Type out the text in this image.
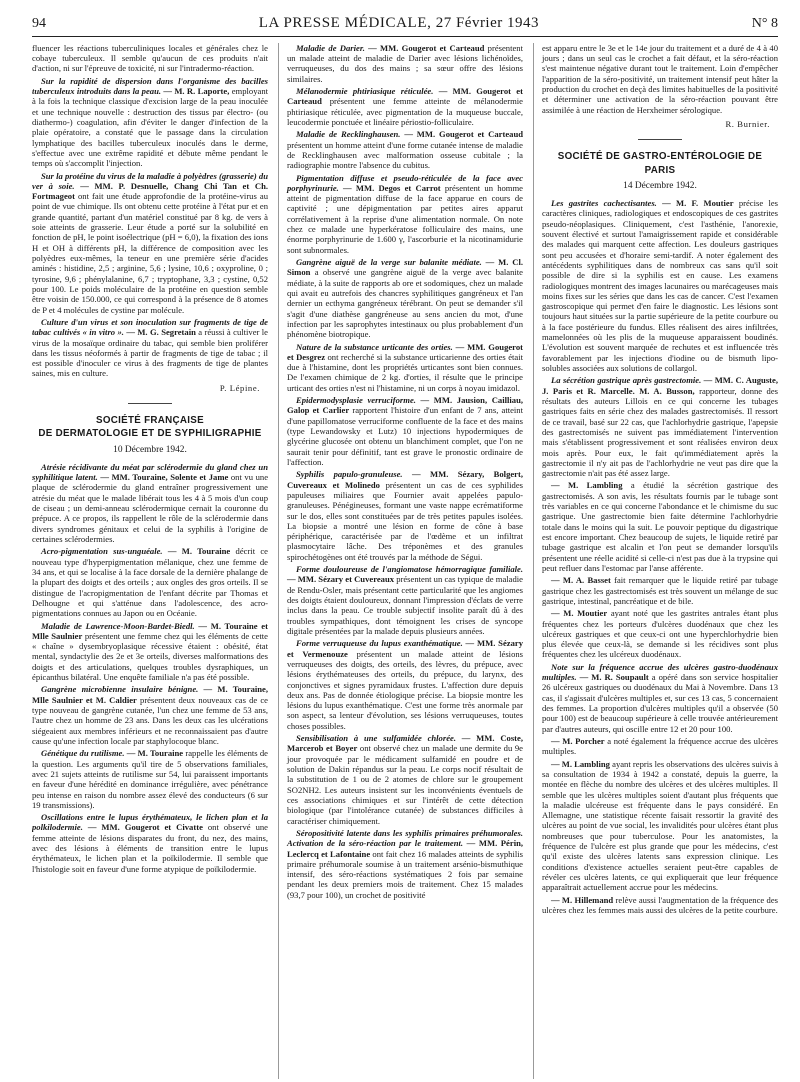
94	LA PRESSE MÉDICALE, 27 Février 1943	N° 8

fluencer les réactions tuberculiniques locales et générales chez le cobaye tuberculeux. Il semble qu'aucun de ces produits n'ait d'action, ni sur l'épreuve de toxicité, ni sur l'intradermo-réaction.

Sur la rapidité de dispersion dans l'organisme des bacilles tuberculeux introduits dans la peau. — M. R. Laporte, employant à la fois la technique classique d'excision large de la peau inoculée et une technique nouvelle : destruction des tissus par électro- (ou diathermo-) coagulation, afin d'éviter le danger d'infection de la plaie opératoire, a constaté que le passage dans la circulation lymphatique des bacilles tuberculeux inoculés dans le derme, s'effectue avec une extrême rapidité et débute même pendant le temps où s'accomplit l'injection.

Sur la protéine du virus de la maladie à polyèdres (grasserie) du ver à soie. — MM. P. Desnuelle, Chang Chi Tan et Ch. Fortmageot ont fait une étude approfondie de la protéine-virus au point de vue chimique. Ils ont obtenu cette protéine à l'état pur et en grande quantité, partant d'un matériel constitué par 8 kg. de vers à soie atteints de grasserie. Leur étude a porté sur la solubilité en fonction de pH, le point isoélectrique (pH = 6,0), la fixation des ions H et OH à différents pH, la différence de composition avec les polyèdres eux-mêmes, la teneur en une première série d'acides aminés : histidine, 2,5 ; arginine, 5,6 ; lysine, 10,6 ; oxyproline, 0 ; tyrosine, 9,6 ; phénylalanine, 6,7 ; tryptophane, 3,3 ; cystine, 0,52 pour 100. Le poids moléculaire de la protéine en question semble être voisin de 150.000, ce qui correspond à la présence de 8 atomes de P et 4 molécules de cystine par molécule.

Culture d'un virus et son inoculation sur fragments de tige de tabac cultivés « in vitro ». — M. G. Segretain a réussi à cultiver le virus de la mosaïque ordinaire du tabac, qui semble bien proliférer dans les tissus néoformés à partir de fragments de tige de tabac ; il est possible d'inoculer ce virus à des fragments de tige de plantes saines, mis en culture.

P. Lépine.
SOCIÉTÉ FRANÇAISE
DE DERMATOLOGIE ET DE SYPHILIGRAPHIE
10 Décembre 1942.

Atrésie récidivante du méat par sclérodermie du gland chez un syphilitique latent. — MM. Touraine, Solente et Jame ont vu une plaque de sclérodermie du gland entraîner progressivement une atrésie du méat que le malade libérait tous les 4 à 5 mois d'un coup de ciseau ; un demi-anneau sclérodermique cernait la couronne du prépuce. A ce propos, ils rappellent le rôle de la sclérodermie dans divers syndromes génitaux et celui de la syphilis à l'origine de certaines sclérodermies.

Acro-pigmentation sus-unguéale. — M. Touraine décrit ce nouveau type d'hyperpigmentation mélanique, chez une femme de 34 ans, et qui se localise à la face dorsale de la dernière phalange de la plupart des doigts et des orteils ; aux ongles des gros orteils. Il se distingue de l'acropigmentation de l'enfant décrite par Thomas et Delhougne et qui s'atténue dans l'adolescence, des acro-pigmentations connues au Japon ou en Océanie.

Maladie de Lawrence-Moon-Bardet-Biedl. — M. Touraine et Mlle Saulnier présentent une femme chez qui les éléments de cette « chaîne » dysembryoplasique récessive étaient : obésité, état mental, syndactylie des 2e et 3e orteils, diverses malformations des doigts et des articulations, quelques troubles dysraphiques, un épicanthus bilatéral. Une enquête familiale n'a pas été possible.

Gangrène microbienne insulaire bénigne. — M. Touraine, Mlle Saulnier et M. Caldier présentent deux nouveaux cas de ce type nouveau de gangrène cutanée, l'un chez une femme de 53 ans, l'autre chez un homme de 23 ans. Dans les deux cas les ulcérations siégeaient aux membres inférieurs et ne reconnaissaient pas d'autre cause qu'une infection locale par staphylocoque blanc.

Génétique du rutilisme. — M. Touraine rappelle les éléments de la question. Les arguments qu'il tire de 5 observations familiales, avec 21 sujets atteints de rutilisme sur 54, lui paraissent importants en faveur d'une hérédité en dominance irrégulière, avec pénétrance peu intense en raison du nombre assez élevé des conducteurs (6 sur 19 transmissions).

Oscillations entre le lupus érythémateux, le lichen plan et la polkilodermie. — MM. Gougerot et Civatte ont observé une femme atteinte de lésions disparates du front, du nez, des mains, avec des lésions à éléments de transition entre le lupus érythémateux, le lichen plan et la poïkilodermie. Il semble que l'histologie soit en faveur d'une forme atypique de poïkilodermie.

Maladie de Darier. — MM. Gougerot et Carteaud présentent un malade atteint de maladie de Darier avec lésions lichénoïdes, verruqueuses, du dos des mains ; sa sœur offre des lésions similaires.

Mélanodermie phtiriasique réticulée. — MM. Gougerot et Carteaud présentent une femme atteinte de mélanodermie phtiriasique réticulée, avec pigmentation de la muqueuse buccale, leucodermie ponctuée et linéaire périostio-folliculaire.

Maladie de Recklinghausen. — MM. Gougerot et Carteaud présentent un homme atteint d'une forme cutanée intense de maladie de Recklinghausen avec malformation osseuse cubitale ; la radiographie montre l'absence du cubitus.

Pigmentation diffuse et pseudo-réticulée de la face avec porphyrinurie. — MM. Degos et Carrot présentent un homme atteint de pigmentation diffuse de la face apparue en cours de captivité ; une dépigmentation par petites aires apparut corrélativement à la reprise d'une alimentation normale. On note chez ce malade une hyperkératose folliculaire des mains, une énorme porphyrinurie de 1.600 γ, l'ascorburie et la nicotinamidurie sont subnormales.

Gangrène aiguë de la verge sur balanite médiate. — M. Cl. Simon a observé une gangrène aiguë de la verge avec balanite médiate, à la suite de rapports ab ore et sodomiques, chez un malade qui avait eu autrefois des chancres syphilitiques gangréneux et l'an dernier un ecthyma gangréneux térébrant. On peut se demander s'il s'agit d'une diathèse gangréneuse au sens ancien du mot, d'une infection par les saprophytes intestinaux ou plus probablement d'un phénomène biotropique.

Nature de la substance urticante des orties. — MM. Gougerot et Desgrez ont recherché si la substance urticarienne des orties était due à l'histamine, dont les propriétés urticantes sont bien connues. De l'examen chimique de 2 kg. d'orties, il résulte que le principe urticant des orties n'est ni l'histamine, ni un corps à noyau imidazol.

Epidermodysplasie verruciforme. — MM. Jausion, Cailliau, Galop et Carlier rapportent l'histoire d'un enfant de 7 ans, atteint d'une papillomatose verruciforme confluente de la face et des mains (type Lewandowsky et Lutz) 10 injections hypodermiques de glycérine glucosée ont obtenu un blanchiment complet, que l'on ne saurait tenir pour définitif, tant est grave le pronostic ordinaire de l'affection.

Syphilis papulo-granuleuse. — MM. Sézary, Bolgert, Cuvereaux et Molinedo présentent un cas de ces syphilides papuleuses miliaires que Fournier avait appelées papulo-granuleuses. Pénégineuses, formant une vaste nappe ecrématiforme sur le dos, elles sont constituées par de très petites papules isolées. La biopsie a montré une lésion en forme de cône à base périphérique, caractérisée par de l'œdème et un infiltrat plasmocytaire lâche. Des tréponèmes et des granules spirochétogènes ont été trouvés par la méthode de Ségui.

Forme douloureuse de l'angiomatose hémorragique familiale. — MM. Sézary et Cuvereaux présentent un cas typique de maladie de Rendu-Osler, mais présentant cette particularité que les angiomes des doigts étaient douloureux, donnant l'impression d'éclats de verre inclus dans la peau. Ce trouble subjectif insolite paraît dû à des troubles sympathiques, dont témoignent les crises de syncope digitale présentées par la malade depuis plusieurs années.

Forme verruqueuse du lupus exanthématique. — MM. Sézary et Vermenouze présentent un malade atteint de lésions verruqueuses des doigts, des orteils, des lèvres, du prépuce, avec lésions érythémateuses des orteils, du prépuce, du larynx, des conjonctives et signes pyramidaux frustes. L'affection dure depuis deux ans. Pas de donnée étiologique précise. La biopsie montre les lésions du lupus exanthématique. C'est une forme très anormale par son aspect, sa lenteur d'évolution, ses lésions verruqueuses, toutes choses possibles.

Sensibilisation à une sulfamidée chlorée. — MM. Coste, Marcerob et Boyer ont observé chez un malade une dermite du 9e jour provoquée par le médicament sulfamidé en poudre et de solution de Dakin répandus sur la peau. Le corps nocif résultait de la substitution de 1 ou de 2 atomes de chlore sur le groupement SO2NH2. Les auteurs insistent sur les inconvénients éventuels de ces associations chimiques et sur l'intérêt de cette détection biologique (par l'intolérance cutanée) de substances difficiles à caractériser chimiquement.

Séropositivité latente dans les syphilis primaires préhumorales. Activation de la séro-réaction par le traitement. — MM. Périn, Leclercq et Lafontaine ont fait chez 16 malades atteints de syphilis primaire préhumorale soumise à un traitement arsénio-bismuthique intensif, des séro-réactions systématiques 2 fois par semaine pendant les deux premiers mois de traitement. Chez 15 malades (93,7 pour 100), un crochet de positivité

est apparu entre le 3e et le 14e jour du traitement et a duré de 4 à 40 jours ; dans un seul cas le crochet a fait défaut, et la séro-réaction s'est maintenue négative durant tout le traitement. Loin d'empêcher l'apparition de la séro-positivité, un traitement intensif peut hâter la production du crochet en deçà des limites habituelles de la positivité et déterminer une activation de la séro-réaction pouvant être assimilée à une réaction de Herxheimer sérologique.

R. Burnier.
SOCIÉTÉ DE GASTRO-ENTÉROLOGIE DE PARIS
14 Décembre 1942.

Les gastrites cachectisantes. — M. F. Moutier précise les caractères cliniques, radiologiques et endoscopiques de ces gastrites pseudo-néoplasiques. Cliniquement, c'est l'asthénie, l'anorexie, souvent électivé et surtout l'amaigrissement rapide et considérable des malades qui marquent cette affection. Les douleurs gastriques sont peu accusées et d'horaire semi-tardif. A noter également des antécédents syphilitiques dans de nombreux cas sans qu'il soit possible de dire si la syphilis est en cause. Les examens radiologiques montrent des images lacunaires ou marécageuses mais moins fixes sur les séries que dans les cas de cancer. C'est l'examen gastroscopique qui permet d'en faire le diagnostic. Les lésions sont toujours haut situées sur la partie supérieure de la petite courbure ou à la face postérieure du fundus. Elles réalisent des aires infiltrées, mamelonnées où les plis de la muqueuse apparaissent boudinés. L'évolution est souvent marquée de rechutes et est influencée très favorablement par les injections d'iodine ou de bismuth lipo-solubles associées aux solutions de collargol.

La sécrétion gastrique après gastrectomie. — MM. C. Auguste, J. Paris et R. Marcelle. M. A. Busson, rapporteur, donne des résultats des auteurs Lillois en ce qui concerne les tubages gastriques faits en série chez des malades gastrectomisés. Il ressort de ce travail, basé sur 22 cas, que l'achlorhydrie gastrique, l'apepsie des gastrectomisés ne suivent pas immédiatement l'intervention mais s'établissent progressivement et sont réalisées environ deux mois après. Pour eux, le fait qu'immédiatement après la gastrectomie il n'y ait pas de l'achlorhydrie ne veut pas dire que la gastrectomie n'ait pas été assez large.

— M. Lambling a étudié la sécrétion gastrique des gastrectomisés. A son avis, les résultats fournis par le tubage sont très variables en ce qui concerne l'abondance et le chimisme du suc gastrique. Une gastrectomie bien faite détermine l'achlorhydrie totale dans le moins qui la suit. Le pouvoir peptique du digastrique est encore important. Chez beaucoup de sujets, le liquide retiré par tubage gastrique est alcalin et l'on peut se demander lorsqu'ils présentent une réelle acidité si celle-ci n'est pas due à la trypsine qui peut refluer dans l'estomac par l'anse afférente.

— M. A. Basset fait remarquer que le liquide retiré par tubage gastrique chez les gastrectomisés est très souvent un mélange de suc gastrique, intestinal, pancréatique et de bile.

— M. Moutier ayant noté que les gastrites antrales étant plus fréquentes chez les porteurs d'ulcères duodénaux que chez les ulcéreux gastriques et que ceux-ci ont une hyperchlorhydrie bien plus élevée que ceux-là, se demande si les récidives sont plus fréquentes chez les ulcéreux duodénaux.

Note sur la fréquence accrue des ulcères gastro-duodénaux multiples. — M. R. Soupault a opéré dans son service hospitalier 26 ulcéreux gastriques ou duodénaux du Mai à Novembre. Dans 13 cas, il s'agissait d'ulcères multiples et, sur ces 13 cas, 5 concernaient des femmes. La proportion d'ulcères multiples qu'il a observée (50 pour 100) est de beaucoup supérieure à celle trouvée antérieurement par d'autres auteurs, qui oscille entre 12 et 20 pour 100.

— M. Porcher a noté également la fréquence accrue des ulcères multiples.

— M. Lambling ayant repris les observations des ulcères suivis à sa consultation de 1934 à 1942 a constaté, depuis la guerre, la montée en flèche du nombre des ulcères et des ulcères multiples. Il semble que les ulcères multiples soient d'autant plus fréquents que la maladie ulcéreuse est fréquente dans le pays considéré. En Allemagne, une statistique récente faisait ressortir la gravité des ulcères au point de vue social, les invalidités pour ulcères étant plus nombreuses que pour tuberculose. Pour les anatomistes, la fréquence de l'ulcère est plus grande que pour les médecins, c'est qu'il existe des ulcères latents sans expression clinique. Les conditions d'existence actuelles seraient peut-être capables de révéler ces ulcères latents, ce qui expliquerait que leur fréquence apparaîtrait actuellement accrue pour les médecins.

— M. Hillemand relève aussi l'augmentation de la fréquence des ulcères chez les femmes mais aussi des ulcères de la petite courbure.
